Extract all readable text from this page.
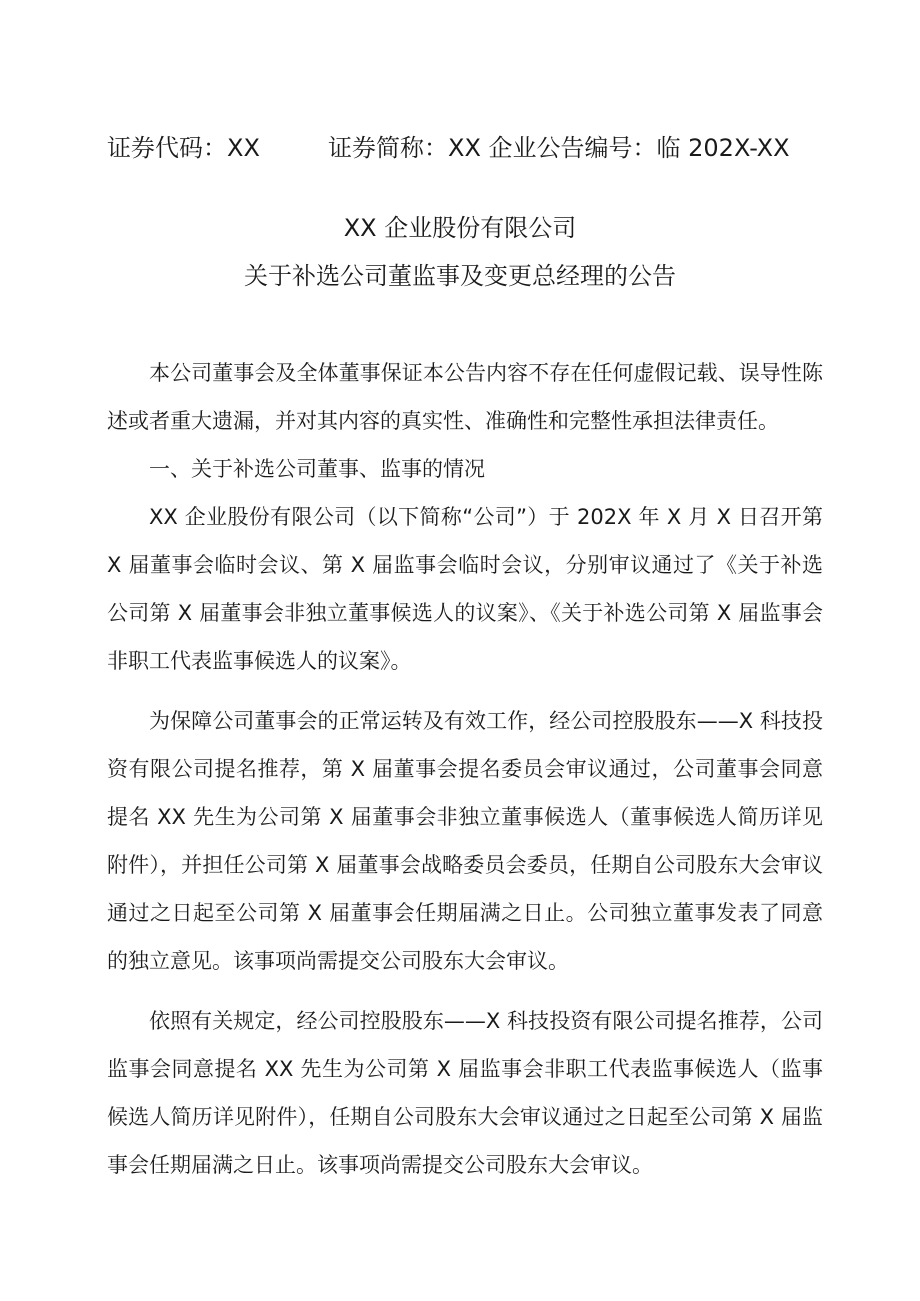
证券代码：XX	证券简称：XX 企业公告编号：临 202X-XX
XX 企业股份有限公司
关于补选公司董监事及变更总经理的公告

本公司董事会及全体董事保证本公告内容不存在任何虚假记载、误导性陈述或者重大遗漏，并对其内容的真实性、准确性和完整性承担法律责任。

一、关于补选公司董事、监事的情况

XX 企业股份有限公司（以下简称“公司”）于 202X 年 X 月 X 日召开第 X 届董事会临时会议、第 X 届监事会临时会议，分别审议通过了《关于补选公司第 X 届董事会非独立董事候选人的议案》、《关于补选公司第 X 届监事会非职工代表监事候选人的议案》。

为保障公司董事会的正常运转及有效工作，经公司控股股东——X 科技投资有限公司提名推荐，第 X 届董事会提名委员会审议通过，公司董事会同意提名 XX 先生为公司第 X 届董事会非独立董事候选人（董事候选人简历详见附件），并担任公司第 X 届董事会战略委员会委员，任期自公司股东大会审议通过之日起至公司第 X 届董事会任期届满之日止。公司独立董事发表了同意的独立意见。该事项尚需提交公司股东大会审议。

依照有关规定，经公司控股股东——X 科技投资有限公司提名推荐，公司监事会同意提名 XX 先生为公司第 X 届监事会非职工代表监事候选人（监事候选人简历详见附件），任期自公司股东大会审议通过之日起至公司第 X 届监事会任期届满之日止。该事项尚需提交公司股东大会审议。
